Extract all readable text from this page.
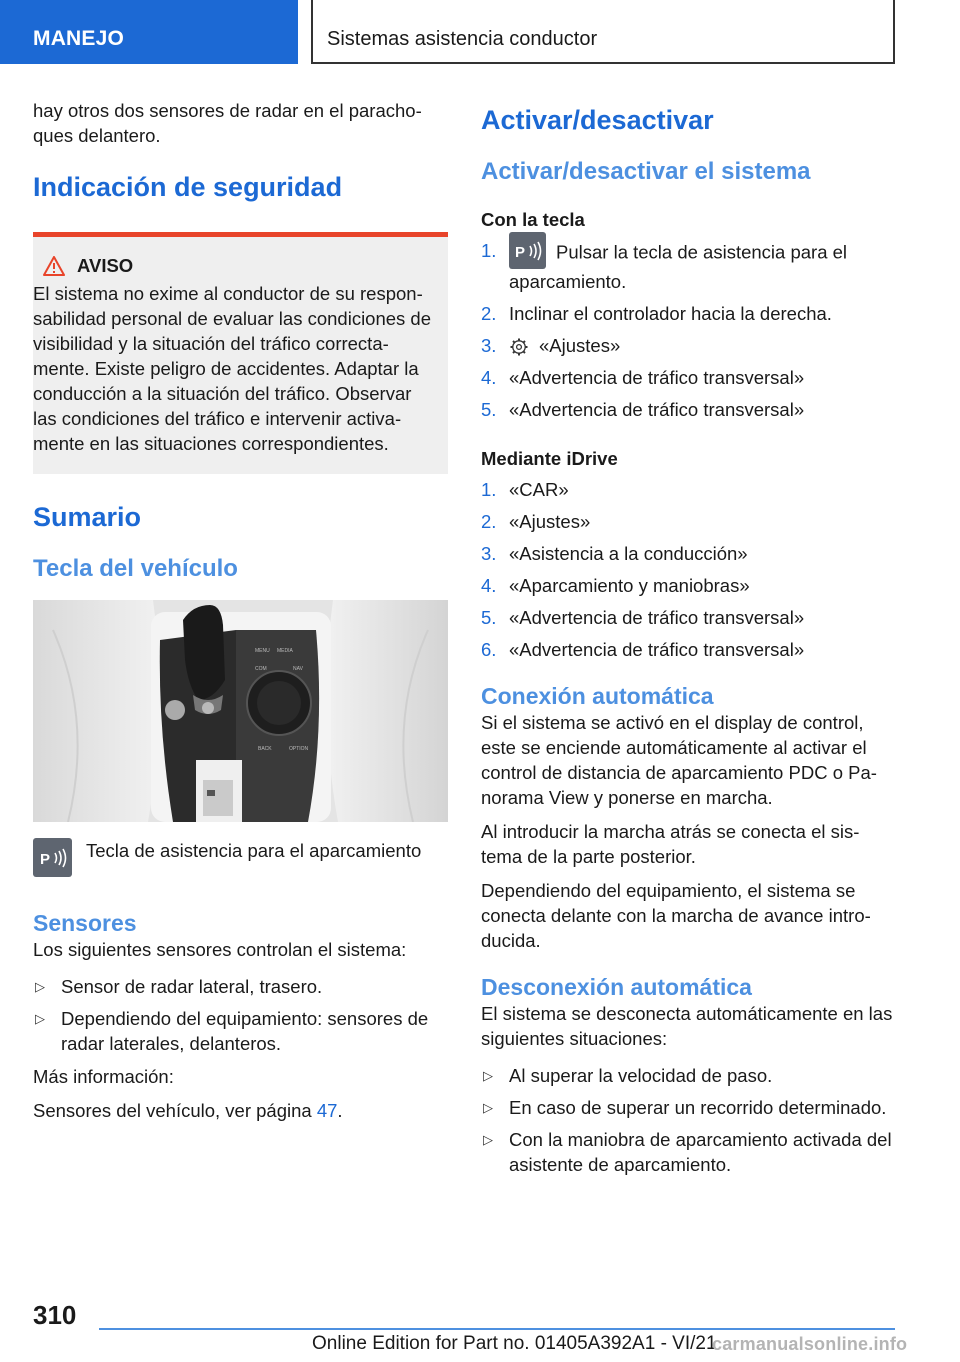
MANEJO	Sistemas asistencia conductor

hay otros dos sensores de radar en el parachoques delantero.

Indicación de seguridad
AVISO

El sistema no exime al conductor de su responsabilidad personal de evaluar las condiciones de visibilidad y la situación del tráfico correctamente. Existe peligro de accidentes. Adaptar la conducción a la situación del tráfico. Observar las condiciones del tráfico e intervenir activamente en las situaciones correspondientes.

Sumario
Tecla del vehículo
MENU
COM
MEDIA
NAV
OPTION
BACK
P Tecla de asistencia para el aparcamiento

Sensores

Los siguientes sensores controlan el sistema:

▷ Sensor de radar lateral, trasero.
▷ Dependiendo del equipamiento: sensores de radar laterales, delanteros.

Más información:

Sensores del vehículo, ver página 47.

Activar/desactivar
Activar/desactivar el sistema
Con la tecla
1. P Pulsar la tecla de asistencia para el aparcamiento.
2. Inclinar el controlador hacia la derecha.
3. «Ajustes»
4. «Advertencia de tráfico transversal»
5. «Advertencia de tráfico transversal»
Mediante iDrive
1. «CAR»
2. «Ajustes»
3. «Asistencia a la conducción»
4. «Aparcamiento y maniobras»
5. «Advertencia de tráfico transversal»
6. «Advertencia de tráfico transversal»
Conexión automática

Si el sistema se activó en el display de control, este se enciende automáticamente al activar el control de distancia de aparcamiento PDC o Panorama View y ponerse en marcha.

Al introducir la marcha atrás se conecta el sistema de la parte posterior.

Dependiendo del equipamiento, el sistema se conecta delante con la marcha de avance introducida.

Desconexión automática

El sistema se desconecta automáticamente en las siguientes situaciones:

▷ Al superar la velocidad de paso.
▷ En caso de superar un recorrido determinado.
▷ Con la maniobra de aparcamiento activada del asistente de aparcamiento.
310
Online Edition for Part no. 01405A392A1 - VI/21
carmanualsonline.info
